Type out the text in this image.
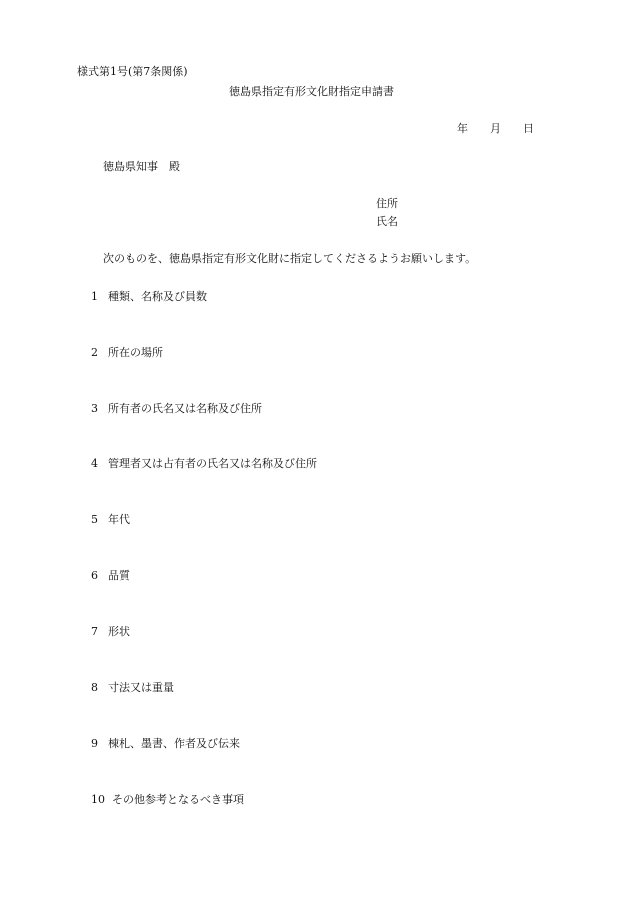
様式第1号(第7条関係)
徳島県指定有形文化財指定申請書
年 月 日
徳島県知事 殿
住所
氏名
次のものを、徳島県指定有形文化財に指定してくださるようお願いします。
1 種類、名称及び員数
2 所在の場所
3 所有者の氏名又は名称及び住所
4 管理者又は占有者の氏名又は名称及び住所
5 年代
6 品質
7 形状
8 寸法又は重量
9 棟札、墨書、作者及び伝来
10 その他参考となるべき事項
